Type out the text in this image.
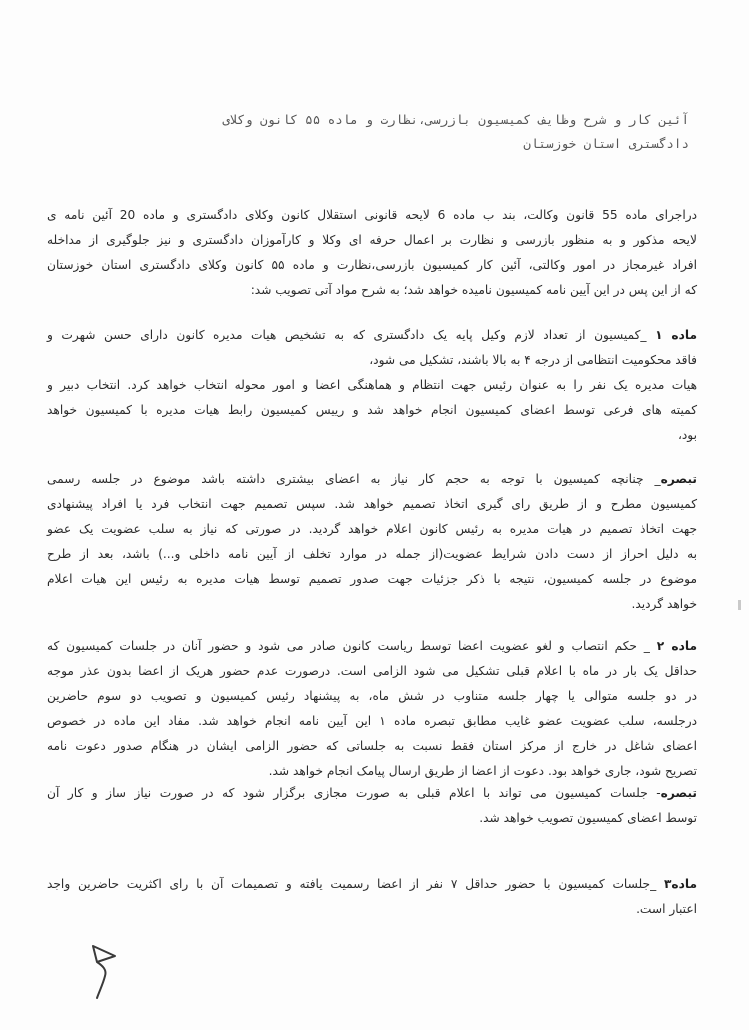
آئین کار و شرح وظایف کمیسیون بازرسی،نظارت و ماده ۵۵ کانون وکلای
دادگستری استان خوزستان
دراجرای ماده 55 قانون وکالت، بند ب ماده 6 لایحه قانونی استقلال کانون وکلای دادگستری و ماده 20 آئین نامه ی
لایحه مذکور و به منظور بازرسی و نظارت بر اعمال حرفه ای وکلا و کارآموزان دادگستری و نیز جلوگیری از مداخله
افراد غیرمجاز در امور وکالتی، آئین کار کمیسیون بازرسی،نظارت و ماده ۵۵ کانون وکلای دادگستری استان خوزستان
که از این پس در این آیین نامه کمیسیون نامیده خواهد شد؛ به شرح مواد آتی تصویب شد:
ماده ۱ _کمیسیون از تعداد لازم وکیل پایه یک دادگستری که به تشخیص هیات مدیره کانون دارای حسن شهرت و
فاقد محکومیت انتظامی از درجه ۴ به بالا باشند، تشکیل می شود،
هیات مدیره یک نفر را به عنوان رئیس جهت انتظام و هماهنگی اعضا و امور محوله انتخاب خواهد کرد. انتخاب دبیر و
کمیته های فرعی توسط اعضای کمیسیون انجام خواهد شد و رییس کمیسیون رابط هیات مدیره با کمیسیون خواهد
بود،
تبصره_ چنانچه کمیسیون با توجه به حجم کار نیاز به اعضای بیشتری داشته باشد موضوع در جلسه رسمی
کمیسیون مطرح و از طریق رای گیری اتخاذ تصمیم خواهد شد. سپس تصمیم جهت انتخاب فرد یا افراد پیشنهادی
جهت اتخاذ تصمیم در هیات مدیره به رئیس کانون اعلام خواهد گردید. در صورتی که نیاز به سلب عضویت یک عضو
به دلیل احراز از دست دادن شرایط عضویت(از جمله در موارد تخلف از آیین نامه داخلی و...) باشد، بعد از طرح
موضوع در جلسه کمیسیون، نتیجه با ذکر جزئیات جهت صدور تصمیم توسط هیات مدیره به رئیس این هیات اعلام
خواهد گردید.
ماده ۲ _ حکم انتصاب و لغو عضویت اعضا توسط ریاست کانون صادر می شود و حضور آنان در جلسات کمیسیون که
حداقل یک بار در ماه با اعلام قبلی تشکیل می شود الزامی است. درصورت عدم حضور هریک از اعضا بدون عذر موجه
در دو جلسه متوالی یا چهار جلسه متناوب در شش ماه، به پیشنهاد رئیس کمیسیون و تصویب دو سوم حاضرین
درجلسه، سلب عضویت عضو غایب مطابق تبصره ماده ۱ این آیین نامه انجام خواهد شد. مفاد این ماده در خصوص
اعضای شاغل در خارج از مرکز استان فقط نسبت به جلساتی که حضور الزامی ایشان در هنگام صدور دعوت نامه
تصریح شود، جاری خواهد بود. دعوت از اعضا از طریق ارسال پیامک انجام خواهد شد.
تبصره- جلسات کمیسیون می تواند با اعلام قبلی به صورت مجازی برگزار شود که در صورت نیاز ساز و کار آن
توسط اعضای کمیسیون تصویب خواهد شد.
ماده۳ _جلسات کمیسیون با حضور حداقل ۷ نفر از اعضا رسمیت یافته و تصمیمات آن با رای اکثریت حاضرین واجد
اعتبار است.
